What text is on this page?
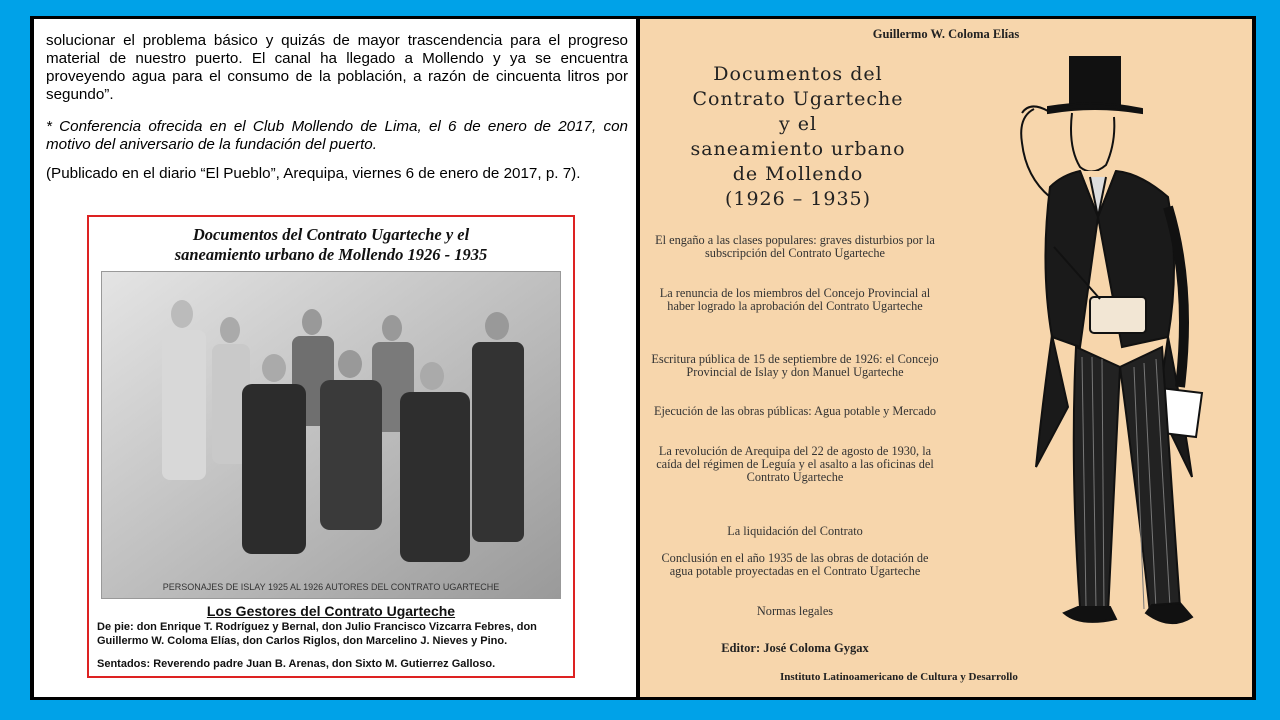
solucionar el problema básico y quizás de mayor trascendencia para el progreso material de nuestro puerto. El canal ha llegado a Mollendo y ya se encuentra proveyendo agua para el consumo de la población, a razón de cincuenta litros por segundo”.

* Conferencia ofrecida en el Club Mollendo de Lima, el 6 de enero de 2017, con motivo del aniversario de la fundación del puerto.

(Publicado en el diario “El Pueblo”, Arequipa, viernes 6 de enero de 2017, p. 7).

Documentos del Contrato Ugarteche y el

saneamiento urbano de Mollendo 1926 - 1935

PERSONAJES DE ISLAY 1925 AL 1926 AUTORES DEL CONTRATO UGARTECHE

Los Gestores del Contrato Ugarteche

De pie: don Enrique T. Rodríguez y Bernal, don Julio Francisco Vizcarra Febres, don Guillermo W. Coloma Elías, don Carlos Riglos, don Marcelino J. Nieves y Pino.

Sentados: Reverendo padre Juan B. Arenas, don Sixto M. Gutierrez Galloso.

Guillermo W. Coloma Elías

Documentos del

Contrato Ugarteche

y el

saneamiento urbano

de Mollendo

(1926 – 1935)

El engaño a las clases populares: graves disturbios por la subscripción del Contrato Ugarteche

La renuncia de los miembros del Concejo Provincial al haber logrado la aprobación del Contrato Ugarteche

Escritura pública de 15 de septiembre de 1926: el Concejo Provincial de Islay y don Manuel Ugarteche

Ejecución de las obras públicas: Agua potable y Mercado

La revolución de Arequipa del 22 de agosto de 1930, la caída del régimen de Leguía y el asalto a las oficinas del Contrato Ugarteche

La liquidación del Contrato

Conclusión en el año 1935 de las obras de dotación de agua potable proyectadas en el Contrato Ugarteche

Normas legales

Editor: José Coloma Gygax

Instituto Latinoamericano de Cultura y Desarrollo
